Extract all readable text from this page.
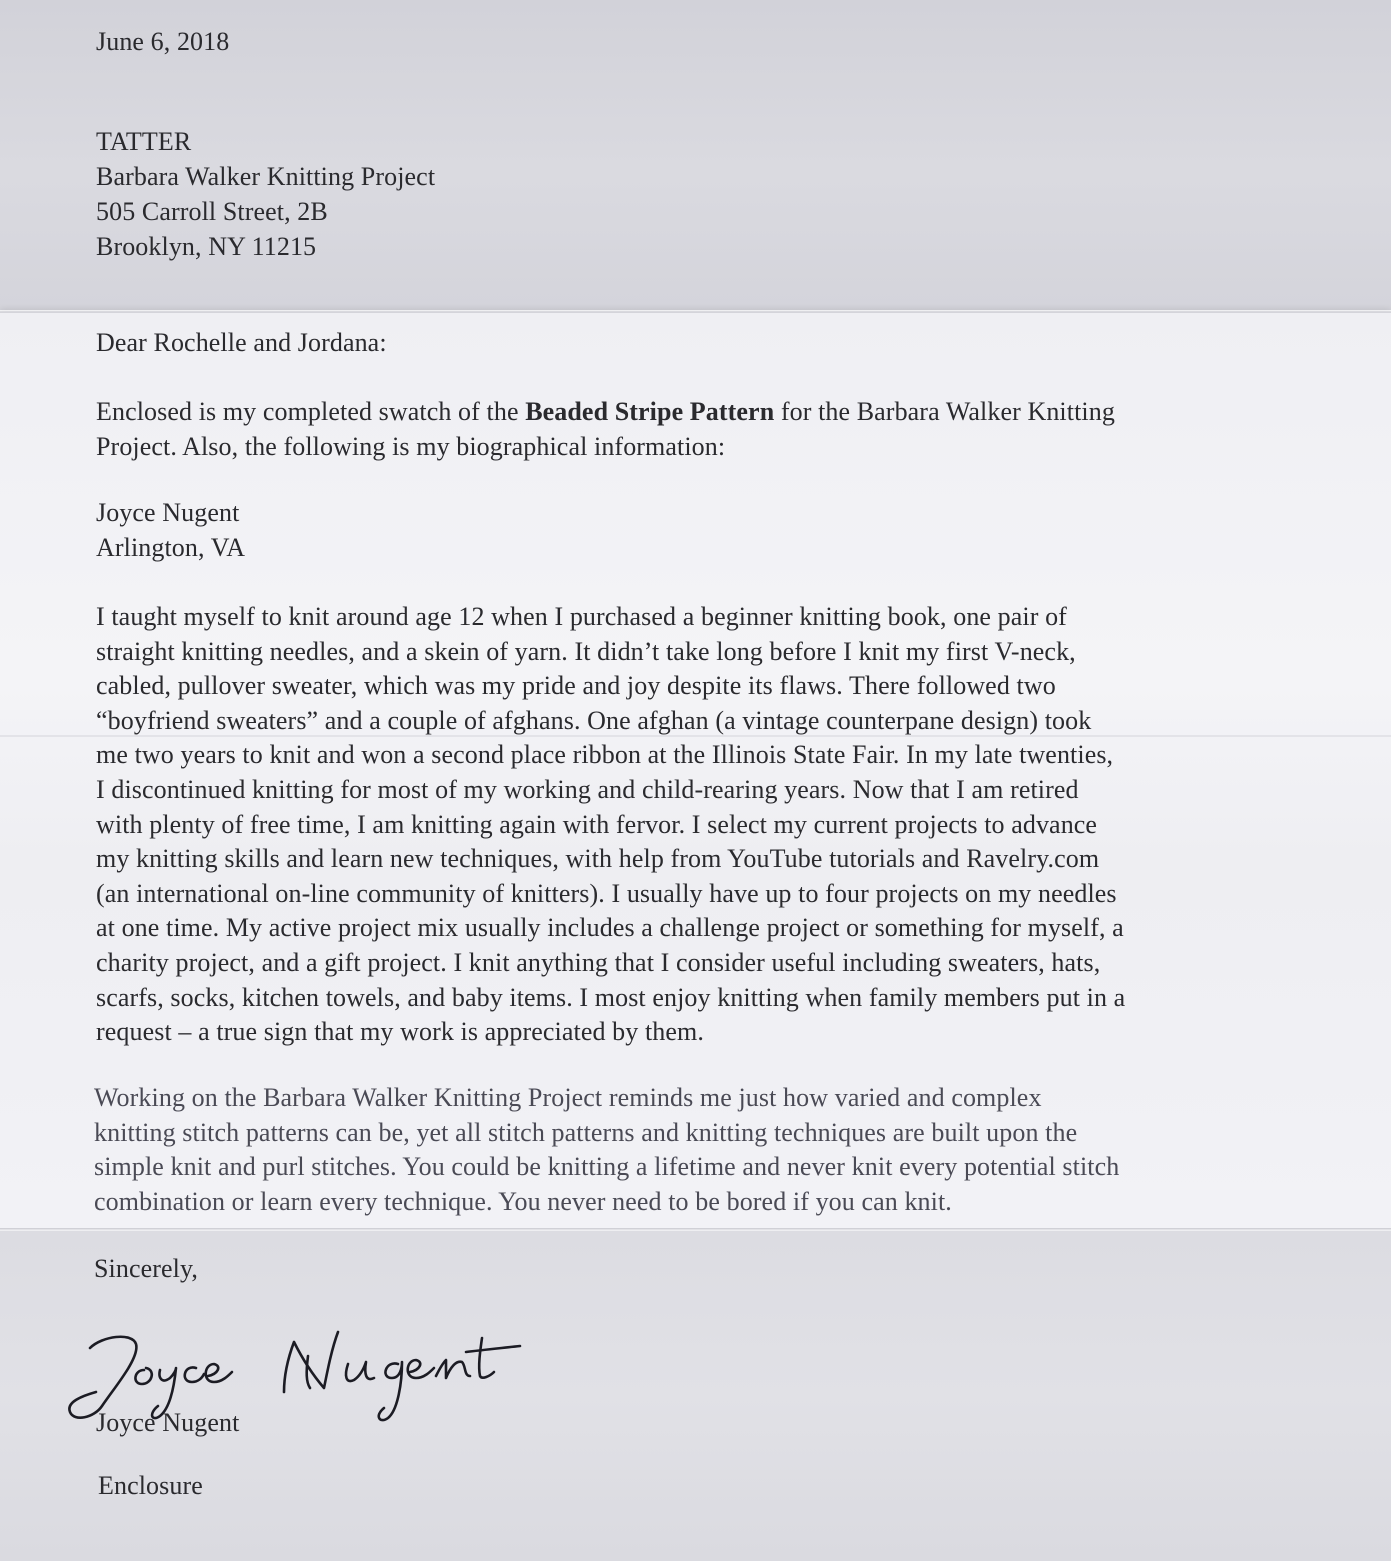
June 6, 2018
TATTER
Barbara Walker Knitting Project
505 Carroll Street, 2B
Brooklyn, NY 11215
Dear Rochelle and Jordana:
Enclosed is my completed swatch of the Beaded Stripe Pattern for the Barbara Walker Knitting
Project. Also, the following is my biographical information:
Joyce Nugent
Arlington, VA
I taught myself to knit around age 12 when I purchased a beginner knitting book, one pair of
straight knitting needles, and a skein of yarn. It didn’t take long before I knit my first V-neck,
cabled, pullover sweater, which was my pride and joy despite its flaws. There followed two
“boyfriend sweaters” and a couple of afghans. One afghan (a vintage counterpane design) took
me two years to knit and won a second place ribbon at the Illinois State Fair. In my late twenties,
I discontinued knitting for most of my working and child-rearing years. Now that I am retired
with plenty of free time, I am knitting again with fervor. I select my current projects to advance
my knitting skills and learn new techniques, with help from YouTube tutorials and Ravelry.com
(an international on-line community of knitters). I usually have up to four projects on my needles
at one time. My active project mix usually includes a challenge project or something for myself, a
charity project, and a gift project. I knit anything that I consider useful including sweaters, hats,
scarfs, socks, kitchen towels, and baby items. I most enjoy knitting when family members put in a
request – a true sign that my work is appreciated by them.
Working on the Barbara Walker Knitting Project reminds me just how varied and complex
knitting stitch patterns can be, yet all stitch patterns and knitting techniques are built upon the
simple knit and purl stitches. You could be knitting a lifetime and never knit every potential stitch
combination or learn every technique. You never need to be bored if you can knit.
Sincerely,
Joyce Nugent
Enclosure
